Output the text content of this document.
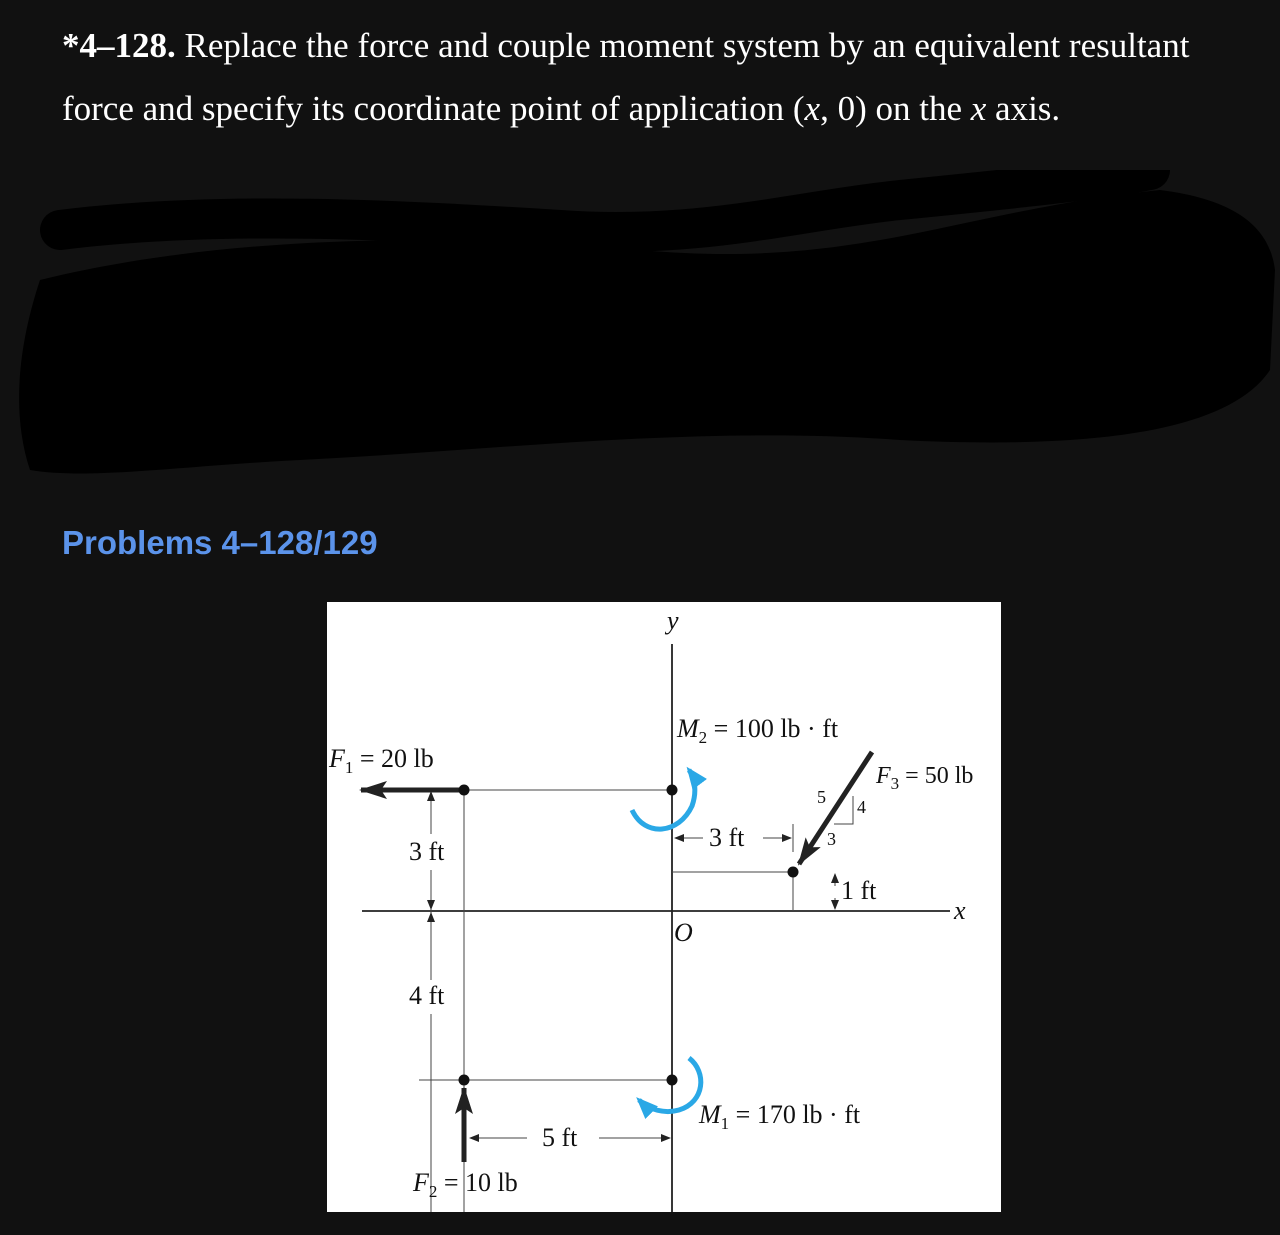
*4–128. Replace the force and couple moment system by an equivalent resultant force and specify its coordinate point of application (x, 0) on the x axis.

Problems 4–128/129
y
x
O
$F_1 = 20$ lb
$F_2 = 10$ lb
$F_3 = 50$ lb
$M_1 = 170$ lb · ft
$M_2 = 100$ lb · ft
3 ft
4 ft
5 ft
3 ft
1 ft
5 4
3
